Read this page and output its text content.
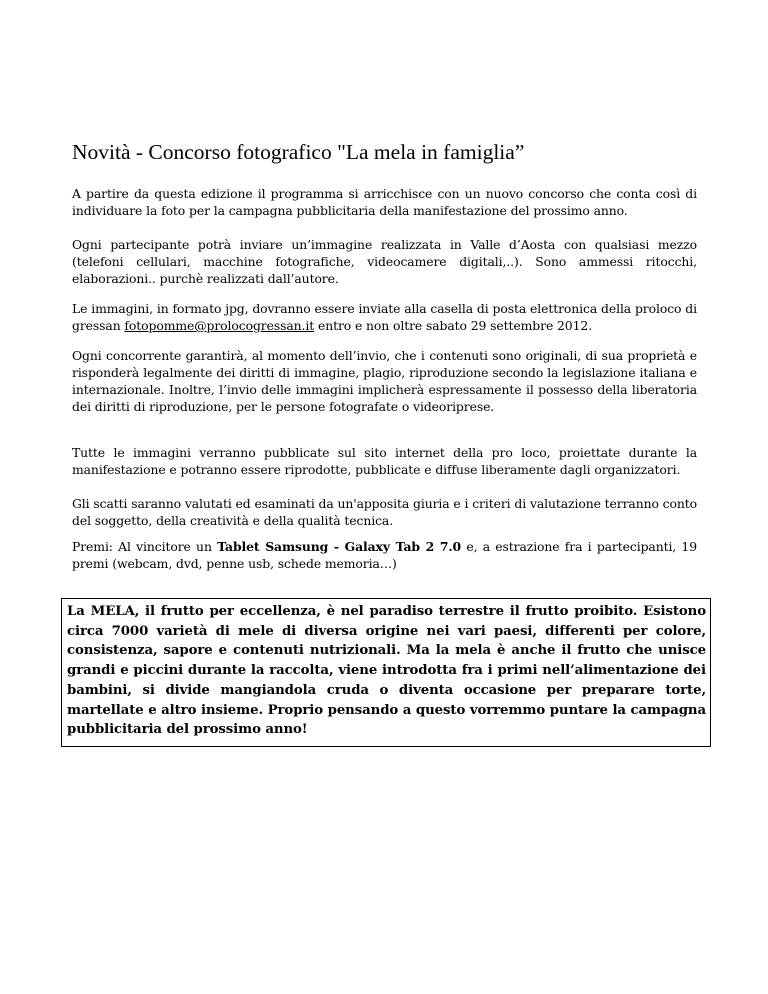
Novità - Concorso fotografico "La mela in famiglia”

A partire da questa edizione il programma si arricchisce con un nuovo concorso che conta così di individuare la foto per la campagna pubblicitaria della manifestazione del prossimo anno.

Ogni partecipante potrà inviare un’immagine realizzata in Valle d’Aosta con qualsiasi mezzo (telefoni cellulari, macchine fotografiche, videocamere digitali,..). Sono ammessi ritocchi, elaborazioni.. purchè realizzati dall’autore.

Le immagini, in formato jpg, dovranno essere inviate alla casella di posta elettronica della proloco di gressan fotopomme@prolocogressan.it entro e non oltre sabato 29 settembre 2012.

Ogni concorrente garantirà, al momento dell’invio, che i contenuti sono originali, di sua proprietà e risponderà legalmente dei diritti di immagine, plagio, riproduzione secondo la legislazione italiana e internazionale. Inoltre, l’invio delle immagini implicherà espressamente il possesso della liberatoria dei diritti di riproduzione, per le persone fotografate o videoriprese.

Tutte le immagini verranno pubblicate sul sito internet della pro loco, proiettate durante la manifestazione e potranno essere riprodotte, pubblicate e diffuse liberamente dagli organizzatori.

Gli scatti saranno valutati ed esaminati da un'apposita giuria e i criteri di valutazione terranno conto del soggetto, della creatività e della qualità tecnica.

Premi: Al vincitore un Tablet Samsung - Galaxy Tab 2 7.0 e, a estrazione fra i partecipanti, 19 premi (webcam, dvd, penne usb, schede memoria…)

La MELA, il frutto per eccellenza, è nel paradiso terrestre il frutto proibito. Esistono circa 7000 varietà di mele di diversa origine nei vari paesi, differenti per colore, consistenza, sapore e contenuti nutrizionali. Ma la mela è anche il frutto che unisce grandi e piccini durante la raccolta, viene introdotta fra i primi nell’alimentazione dei bambini, si divide mangiandola cruda o diventa occasione per preparare torte, martellate e altro insieme. Proprio pensando a questo vorremmo puntare la campagna pubblicitaria del prossimo anno!
